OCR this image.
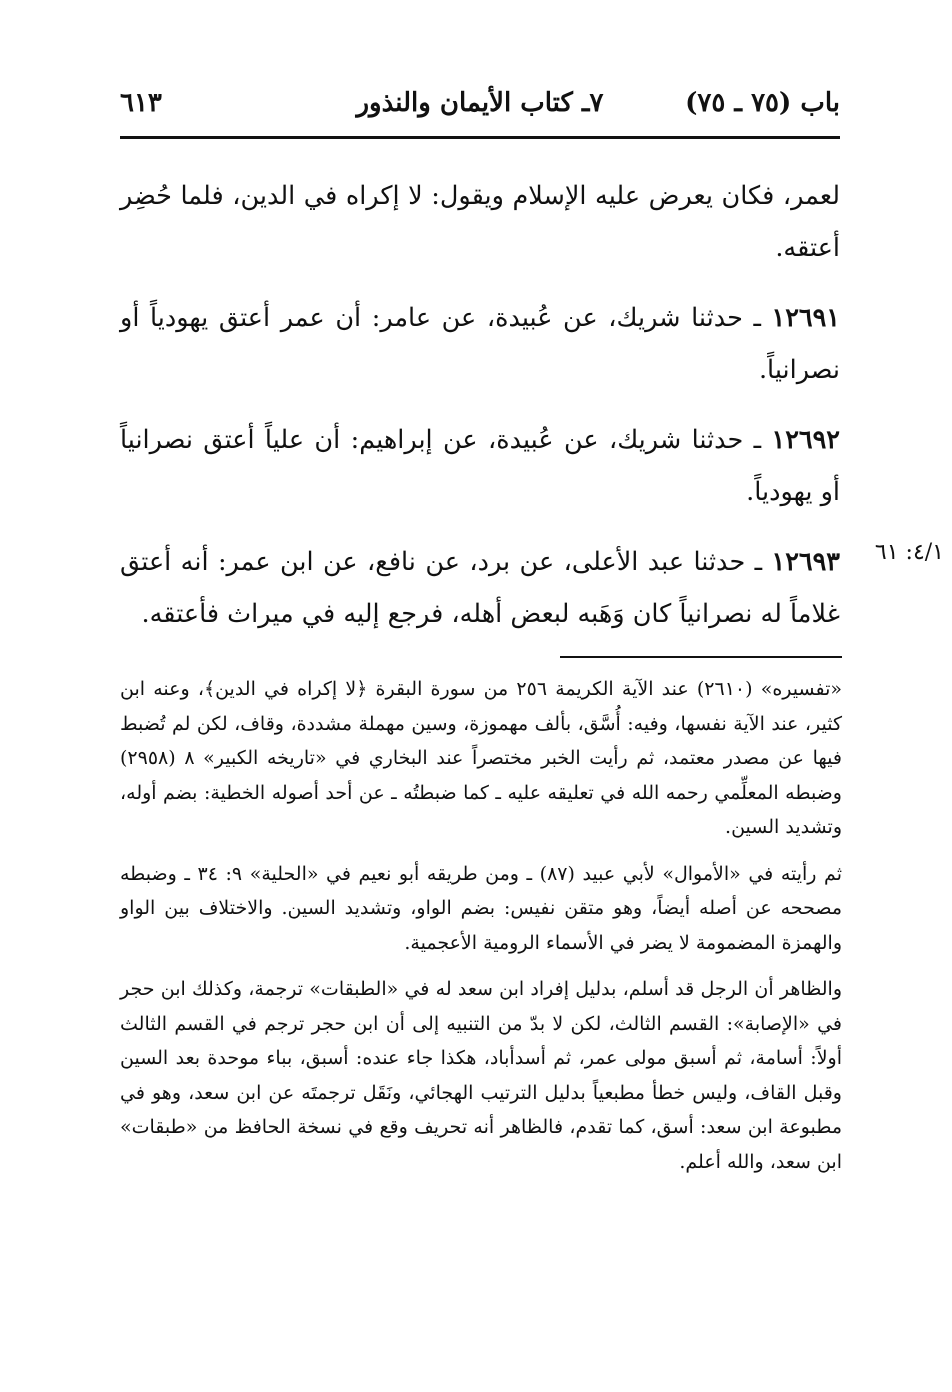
باب (٧٥ ـ ٧٥)
٧ـ كتاب الأيمان والنذور
٦١٣

لعمر، فكان يعرض عليه الإسلام ويقول: لا إكراه في الدين، فلما حُضِر أعتقه.

١٢٦٩١ ـ حدثنا شريك، عن عُبيدة، عن عامر: أن عمر أعتق يهودياً أو نصرانياً.

١٢٦٩٢ ـ حدثنا شريك، عن عُبيدة، عن إبراهيم: أن علياً أعتق نصرانياً أو يهودياً.

١٢٦٩٣ ـ حدثنا عبد الأعلى، عن برد، عن نافع، عن ابن عمر: أنه أعتق غلاماً له نصرانياً كان وَهَبه لبعض أهله، فرجع إليه في ميراث فأعتقه.

٤/١: ٦١

«تفسيره» (٢٦١٠) عند الآية الكريمة ٢٥٦ من سورة البقرة ﴿لا إكراه في الدين﴾، وعنه ابن كثير، عند الآية نفسها، وفيه: أُسَّق، بألف مهموزة، وسين مهملة مشددة، وقاف، لكن لم تُضبط فيها عن مصدر معتمد، ثم رأيت الخبر مختصراً عند البخاري في «تاريخه الكبير» ٨ (٢٩٥٨) وضبطه المعلِّمي رحمه الله في تعليقه عليه ـ كما ضبطتُه ـ عن أحد أصوله الخطية: بضم أوله، وتشديد السين.

ثم رأيته في «الأموال» لأبي عبيد (٨٧) ـ ومن طريقه أبو نعيم في «الحلية» ٩: ٣٤ ـ وضبطه مصححه عن أصله أيضاً، وهو متقن نفيس: بضم الواو، وتشديد السين. والاختلاف بين الواو والهمزة المضمومة لا يضر في الأسماء الرومية الأعجمية.

والظاهر أن الرجل قد أسلم، بدليل إفراد ابن سعد له في «الطبقات» ترجمة، وكذلك ابن حجر في «الإصابة»: القسم الثالث، لكن لا بدّ من التنبيه إلى أن ابن حجر ترجم في القسم الثالث أولاً: أسامة، ثم أسبق مولى عمر، ثم أسدأباد، هكذا جاء عنده: أسبق، بباء موحدة بعد السين وقبل القاف، وليس خطأ مطبعياً بدليل الترتيب الهجائي، ونَقَل ترجمتَه عن ابن سعد، وهو في مطبوعة ابن سعد: أسق، كما تقدم، فالظاهر أنه تحريف وقع في نسخة الحافظ من «طبقات» ابن سعد، والله أعلم.
